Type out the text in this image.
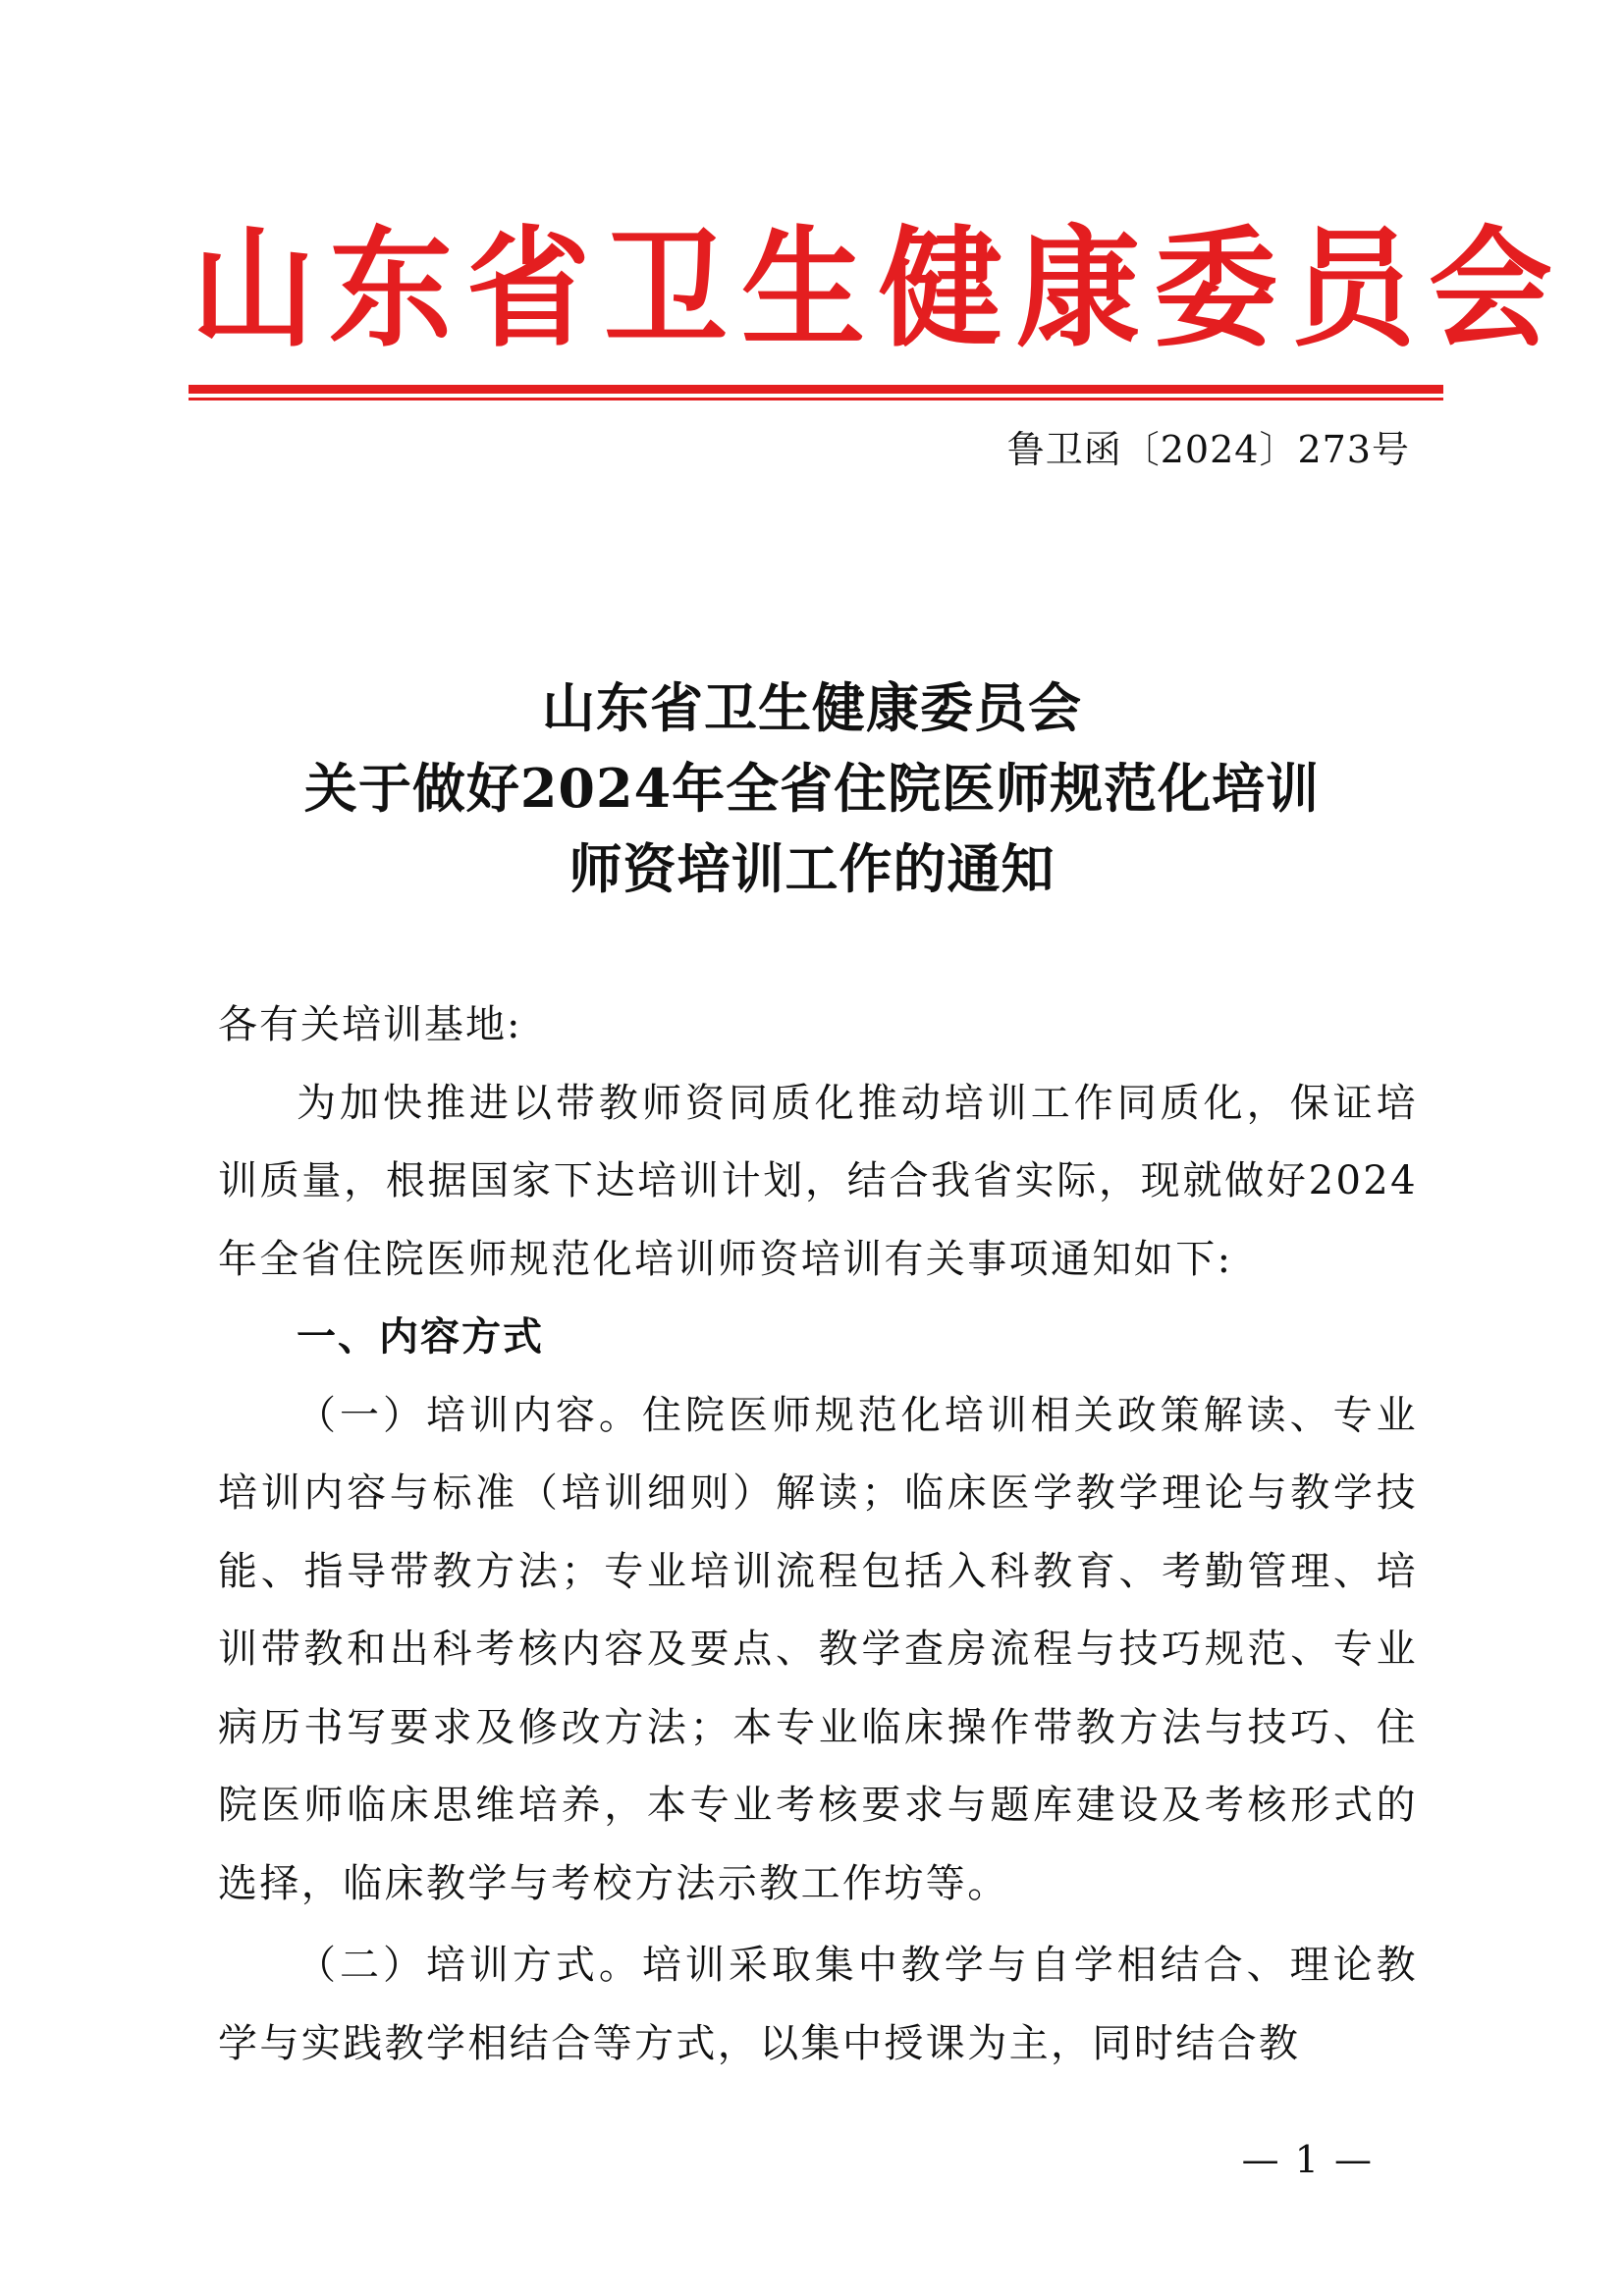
山东省卫生健康委员会
鲁卫函〔2024〕273号
山东省卫生健康委员会
关于做好2024年全省住院医师规范化培训
师资培训工作的通知
各有关培训基地:

为加快推进以带教师资同质化推动培训工作同质化，保证培训质量，根据国家下达培训计划，结合我省实际，现就做好2024年全省住院医师规范化培训师资培训有关事项通知如下:

一、内容方式

（一）培训内容。住院医师规范化培训相关政策解读、专业培训内容与标准（培训细则）解读；临床医学教学理论与教学技能、指导带教方法；专业培训流程包括入科教育、考勤管理、培训带教和出科考核内容及要点、教学查房流程与技巧规范、专业病历书写要求及修改方法；本专业临床操作带教方法与技巧、住院医师临床思维培养，本专业考核要求与题库建设及考核形式的选择，临床教学与考校方法示教工作坊等。

（二）培训方式。培训采取集中教学与自学相结合、理论教学与实践教学相结合等方式，以集中授课为主，同时结合教

— 1 —
